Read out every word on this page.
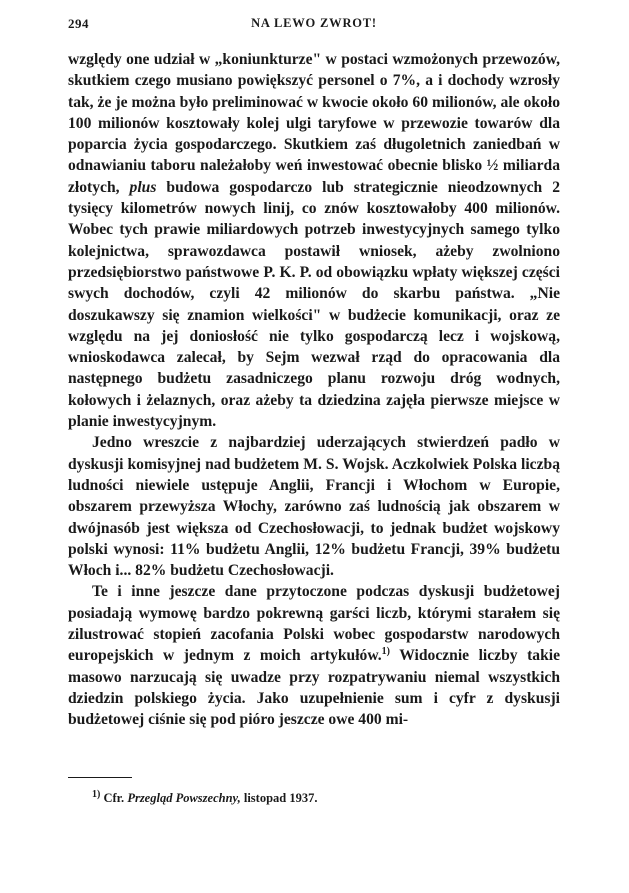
294	NA LEWO ZWROT!

względy one udział w „koniunkturze" w postaci wzmożonych przewozów, skutkiem czego musiano powiększyć personel o 7%, a i dochody wzrosły tak, że je można było preliminować w kwocie około 60 milionów, ale około 100 milionów kosztowały kolej ulgi taryfowe w przewozie towarów dla poparcia życia gospodarczego. Skutkiem zaś długoletnich zaniedbań w odnawianiu taboru należałoby weń inwestować obecnie blisko ½ miliarda złotych, plus budowa gospodarczo lub strategicznie nieodzownych 2 tysięcy kilometrów nowych linij, co znów kosztowałoby 400 milionów. Wobec tych prawie miliardowych potrzeb inwestycyjnych samego tylko kolejnictwa, sprawozdawca postawił wniosek, ażeby zwolniono przedsiębiorstwo państwowe P. K. P. od obowiązku wpłaty większej części swych dochodów, czyli 42 milionów do skarbu państwa. „Nie doszukawszy się znamion wielkości" w budżecie komunikacji, oraz ze względu na jej doniosłość nie tylko gospodarczą lecz i wojskową, wnioskodawca zalecał, by Sejm wezwał rząd do opracowania dla następnego budżetu zasadniczego planu rozwoju dróg wodnych, kołowych i żelaznych, oraz ażeby ta dziedzina zajęła pierwsze miejsce w planie inwestycyjnym.

Jedno wreszcie z najbardziej uderzających stwierdzeń padło w dyskusji komisyjnej nad budżetem M. S. Wojsk. Aczkolwiek Polska liczbą ludności niewiele ustępuje Anglii, Francji i Włochom w Europie, obszarem przewyższa Włochy, zarówno zaś ludnością jak obszarem w dwójnasób jest większa od Czechosłowacji, to jednak budżet wojskowy polski wynosi: 11% budżetu Anglii, 12% budżetu Francji, 39% budżetu Włoch i... 82% budżetu Czechosłowacji.

Te i inne jeszcze dane przytoczone podczas dyskusji budżetowej posiadają wymowę bardzo pokrewną garści liczb, którymi starałem się zilustrować stopień zacofania Polski wobec gospodarstw narodowych europejskich w jednym z moich artykułów.$^{1)}$ Widocznie liczby takie masowo narzucają się uwadze przy rozpatrywaniu niemal wszystkich dziedzin polskiego życia. Jako uzupełnienie sum i cyfr z dyskusji budżetowej ciśnie się pod pióro jeszcze owe 400 mi-

$^{1)}$ Cfr. Przegląd Powszechny, listopad 1937.
